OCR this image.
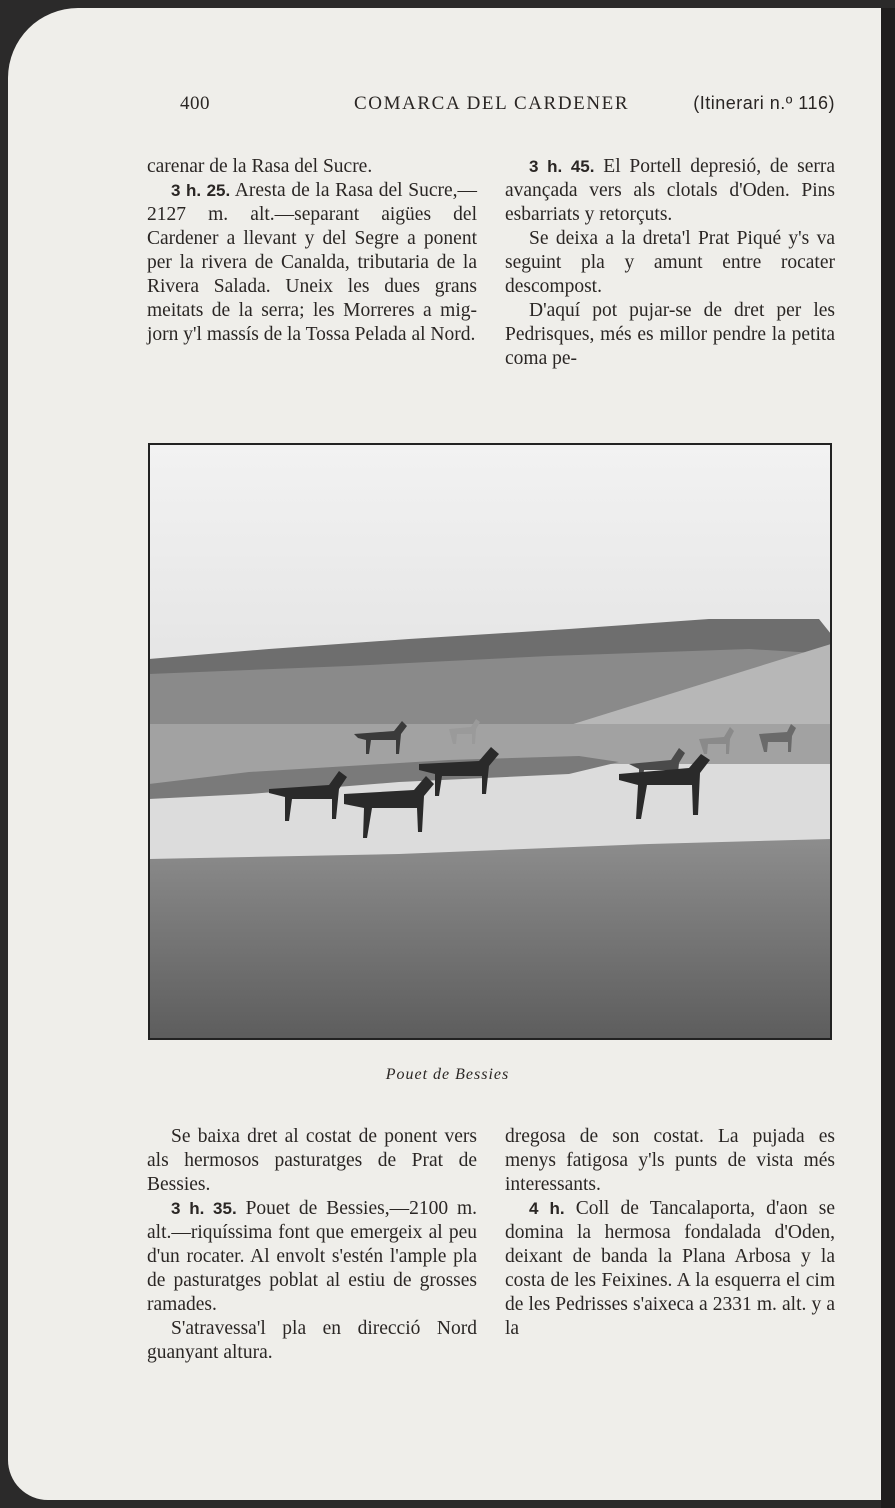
400	COMARCA DEL CARDENER	(Itinerari n.º 116)

carenar de la Rasa del Sucre.

3 h. 25. Aresta de la Rasa del Sucre,—2127 m. alt.—separant aigües del Cardener a llevant y del Segre a ponent per la rivera de Canalda, tributaria de la Rivera Salada. Uneix les dues grans meitats de la serra; les Morreres a mig-jorn y'l massís de la Tossa Pelada al Nord.

3 h. 45. El Portell depresió, de serra avançada vers als clotals d'Oden. Pins esbarriats y retorçuts.

Se deixa a la dreta'l Prat Piqué y's va seguint pla y amunt entre rocater descompost.

D'aquí pot pujar-se de dret per les Pedrisques, més es millor pendre la petita coma pe-

Pouet de Bessies

Se baixa dret al costat de ponent vers als hermosos pasturatges de Prat de Bessies.

3 h. 35. Pouet de Bessies,—2100 m. alt.—riquíssima font que emergeix al peu d'un rocater. Al envolt s'estén l'ample pla de pasturatges poblat al estiu de grosses ramades.

S'atravessa'l pla en direcció Nord guanyant altura.

dregosa de son costat. La pujada es menys fatigosa y'ls punts de vista més interessants.

4 h. Coll de Tancalaporta, d'aon se domina la hermosa fondalada d'Oden, deixant de banda la Plana Arbosa y la costa de les Feixines. A la esquerra el cim de les Pedrisses s'aixeca a 2331 m. alt. y a la
